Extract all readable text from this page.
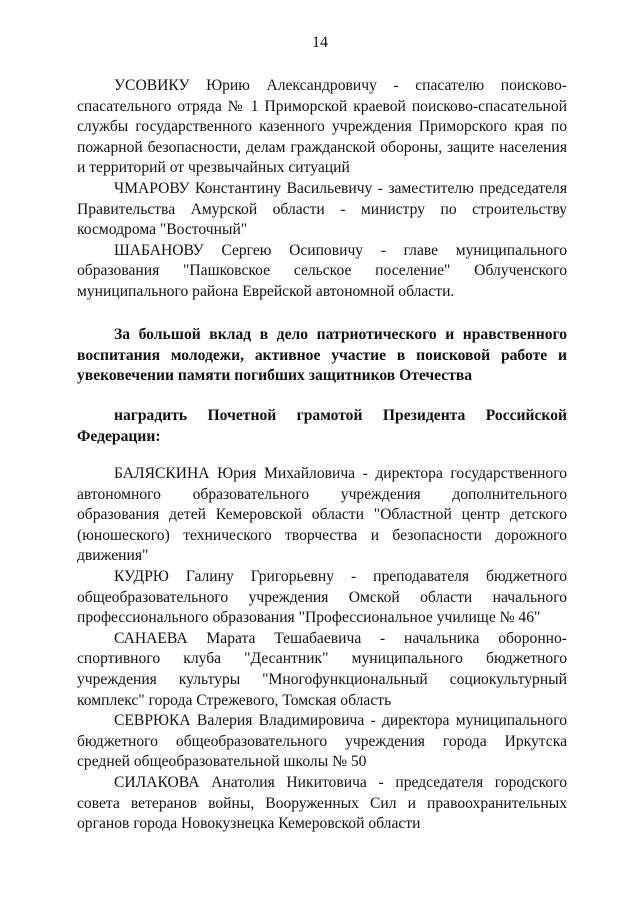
14

УСОВИКУ Юрию Александровичу - спасателю поисково-спасательного отряда № 1 Приморской краевой поисково-спасательной службы государственного казенного учреждения Приморского края по пожарной безопасности, делам гражданской обороны, защите населения и территорий от чрезвычайных ситуаций

ЧМАРОВУ Константину Васильевичу - заместителю председателя Правительства Амурской области - министру по строительству космодрома "Восточный"

ШАБАНОВУ Сергею Осиповичу - главе муниципального образования "Пашковское сельское поселение" Облученского муниципального района Еврейской автономной области.

За большой вклад в дело патриотического и нравственного воспитания молодежи, активное участие в поисковой работе и увековечении памяти погибших защитников Отечества

наградить Почетной грамотой Президента Российской Федерации:

БАЛЯСКИНА Юрия Михайловича - директора государственного автономного образовательного учреждения дополнительного образования детей Кемеровской области "Областной центр детского (юношеского) технического творчества и безопасности дорожного движения"

КУДРЮ Галину Григорьевну - преподавателя бюджетного общеобразовательного учреждения Омской области начального профессионального образования "Профессиональное училище № 46"

САНАЕВА Марата Тешабаевича - начальника оборонно-спортивного клуба "Десантник" муниципального бюджетного учреждения культуры "Многофункциональный социокультурный комплекс" города Стрежевого, Томская область

СЕВРЮКА Валерия Владимировича - директора муниципального бюджетного общеобразовательного учреждения города Иркутска средней общеобразовательной школы № 50

СИЛАКОВА Анатолия Никитовича - председателя городского совета ветеранов войны, Вооруженных Сил и правоохранительных органов города Новокузнецка Кемеровской области
